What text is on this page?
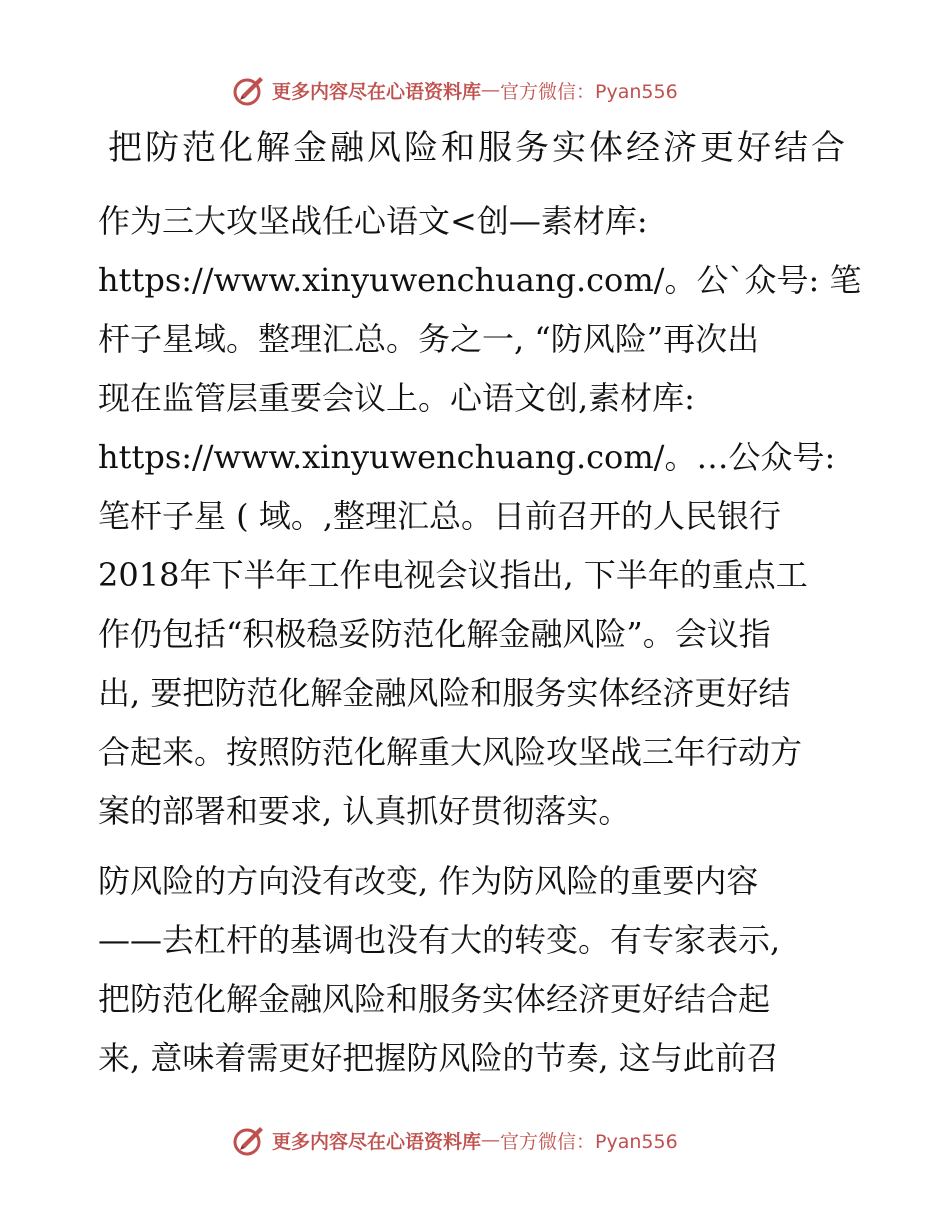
更多内容尽在心语资料库 — 官方微信：Pyan556
把防范化解金融风险和服务实体经济更好结合
作为三大攻坚战任心语文<创—素材库:
https://www.xinyuwenchuang.com/。公`众号: 笔
杆子星域。整理汇总。务之一, “防风险”再次出
现在监管层重要会议上。心语文创,素材库:
https://www.xinyuwenchuang.com/。…公众号:
笔杆子星 ( 域。,整理汇总。日前召开的人民银行
2018年下半年工作电视会议指出, 下半年的重点工
作仍包括“积极稳妥防范化解金融风险”。会议指
出, 要把防范化解金融风险和服务实体经济更好结
合起来。按照防范化解重大风险攻坚战三年行动方
案的部署和要求, 认真抓好贯彻落实。
防风险的方向没有改变, 作为防风险的重要内容
——去杠杆的基调也没有大的转变。有专家表示,
把防范化解金融风险和服务实体经济更好结合起
来, 意味着需更好把握防风险的节奏, 这与此前召
更多内容尽在心语资料库 — 官方微信：Pyan556
